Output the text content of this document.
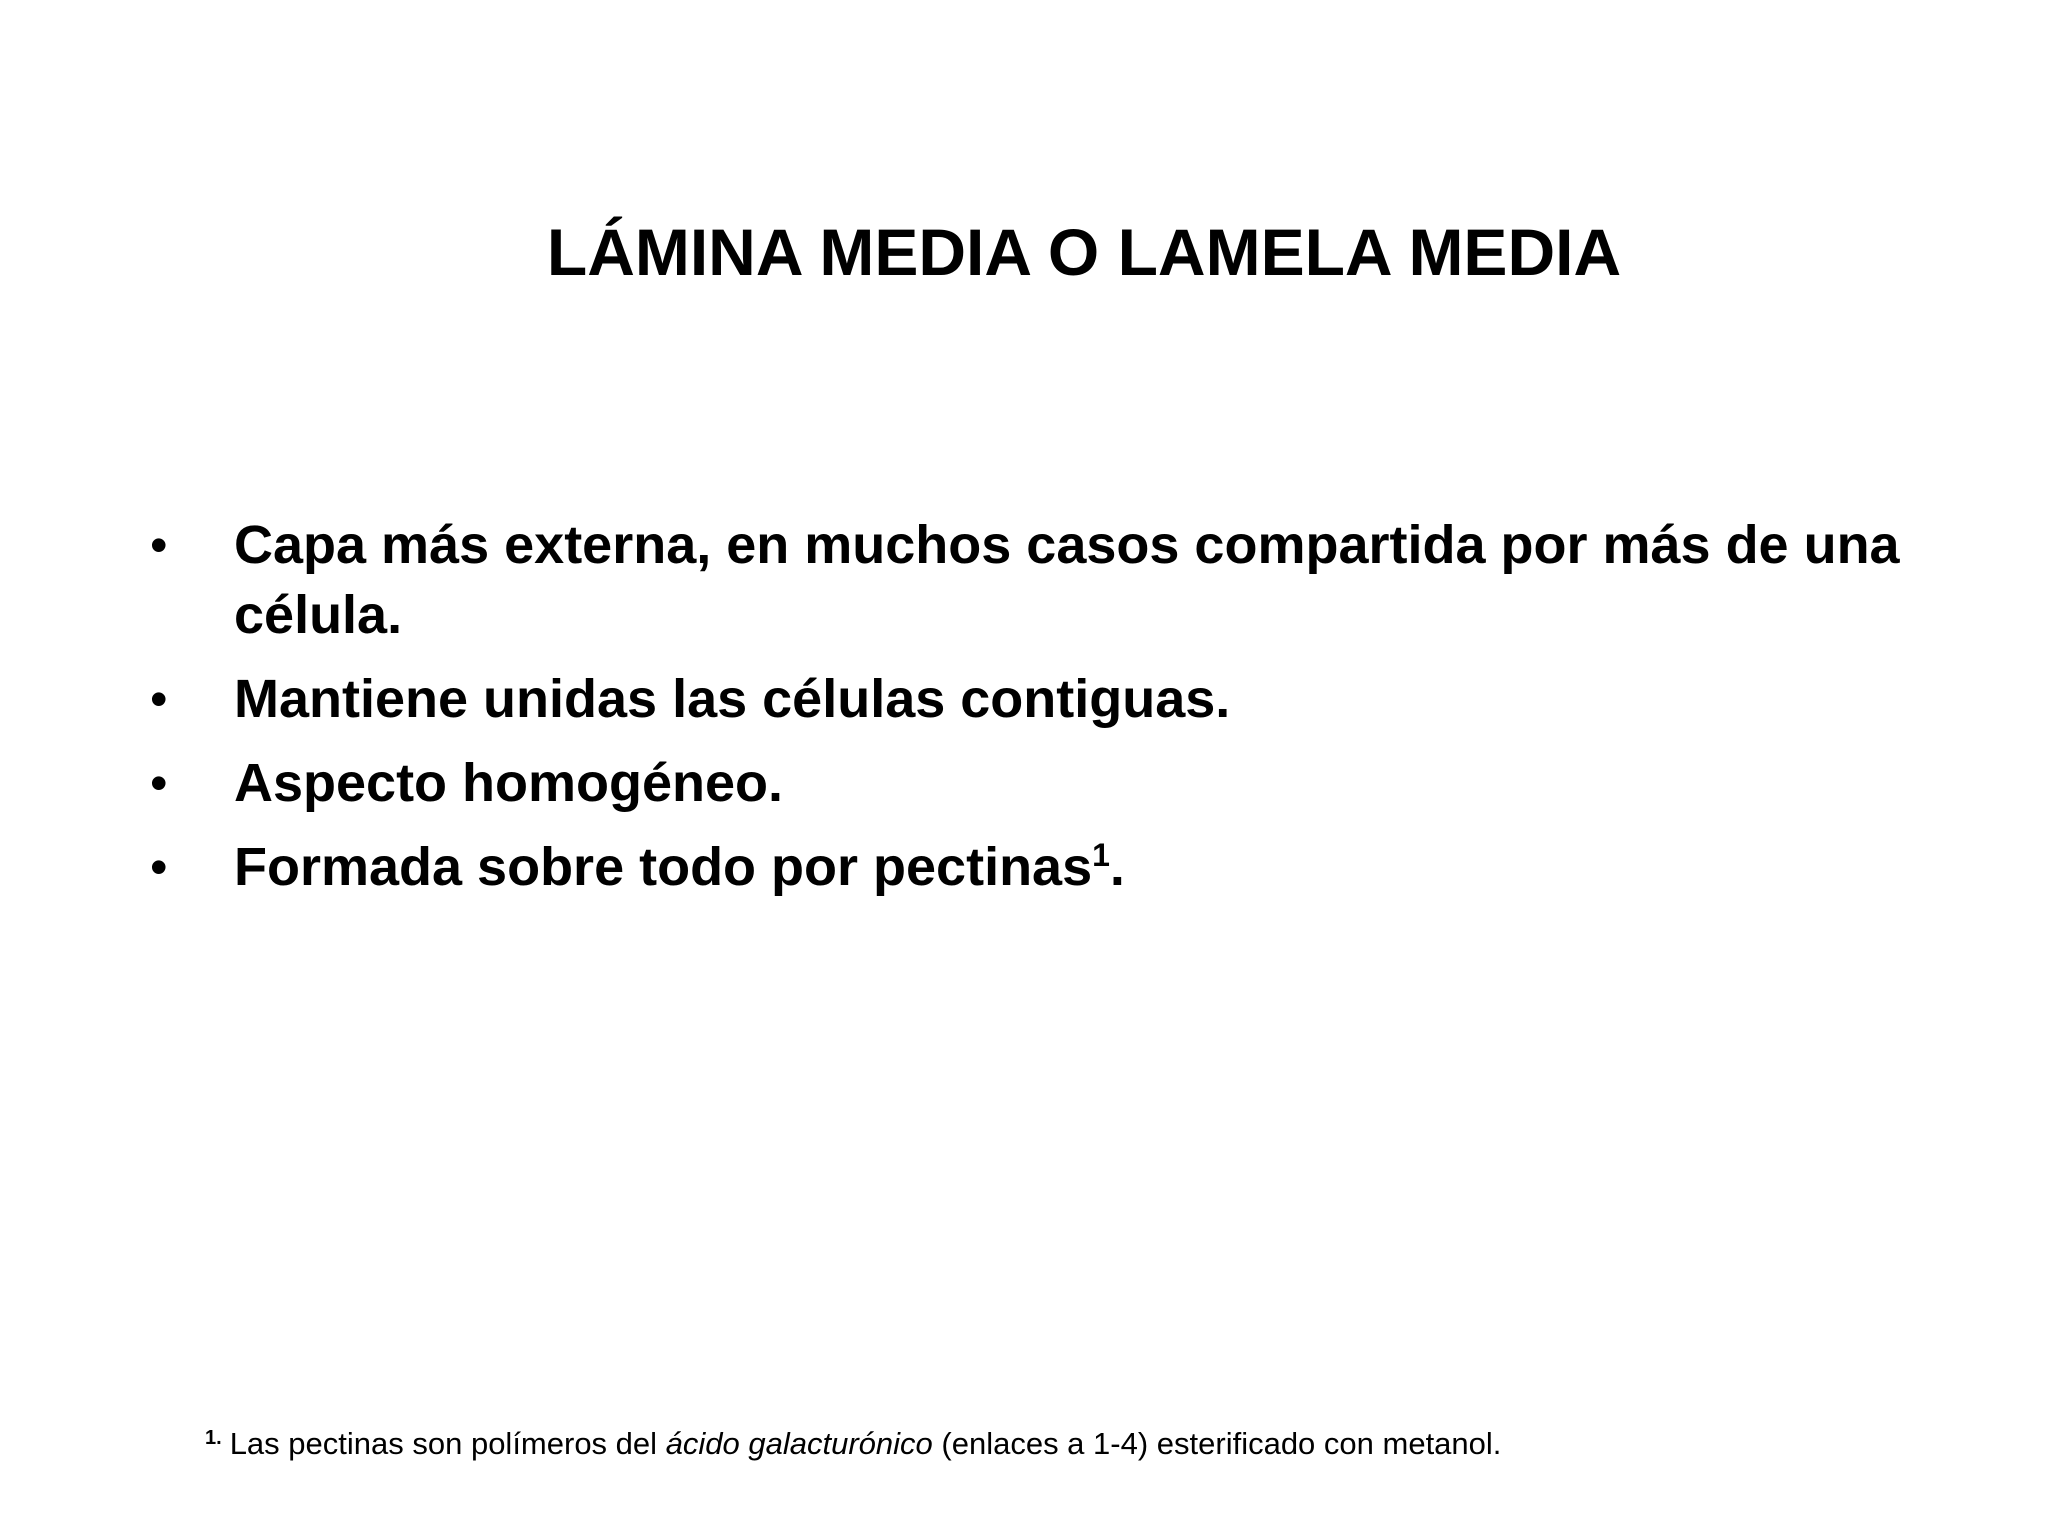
LÁMINA MEDIA O LAMELA MEDIA
• Capa más externa, en muchos casos compartida por más de una célula.
• Mantiene unidas las células contiguas.
• Aspecto homogéneo.
• Formada sobre todo por pectinas$^1$.
$^{1.}$ Las pectinas son polímeros del ácido galacturónico (enlaces a 1-4) esterificado con metanol.
